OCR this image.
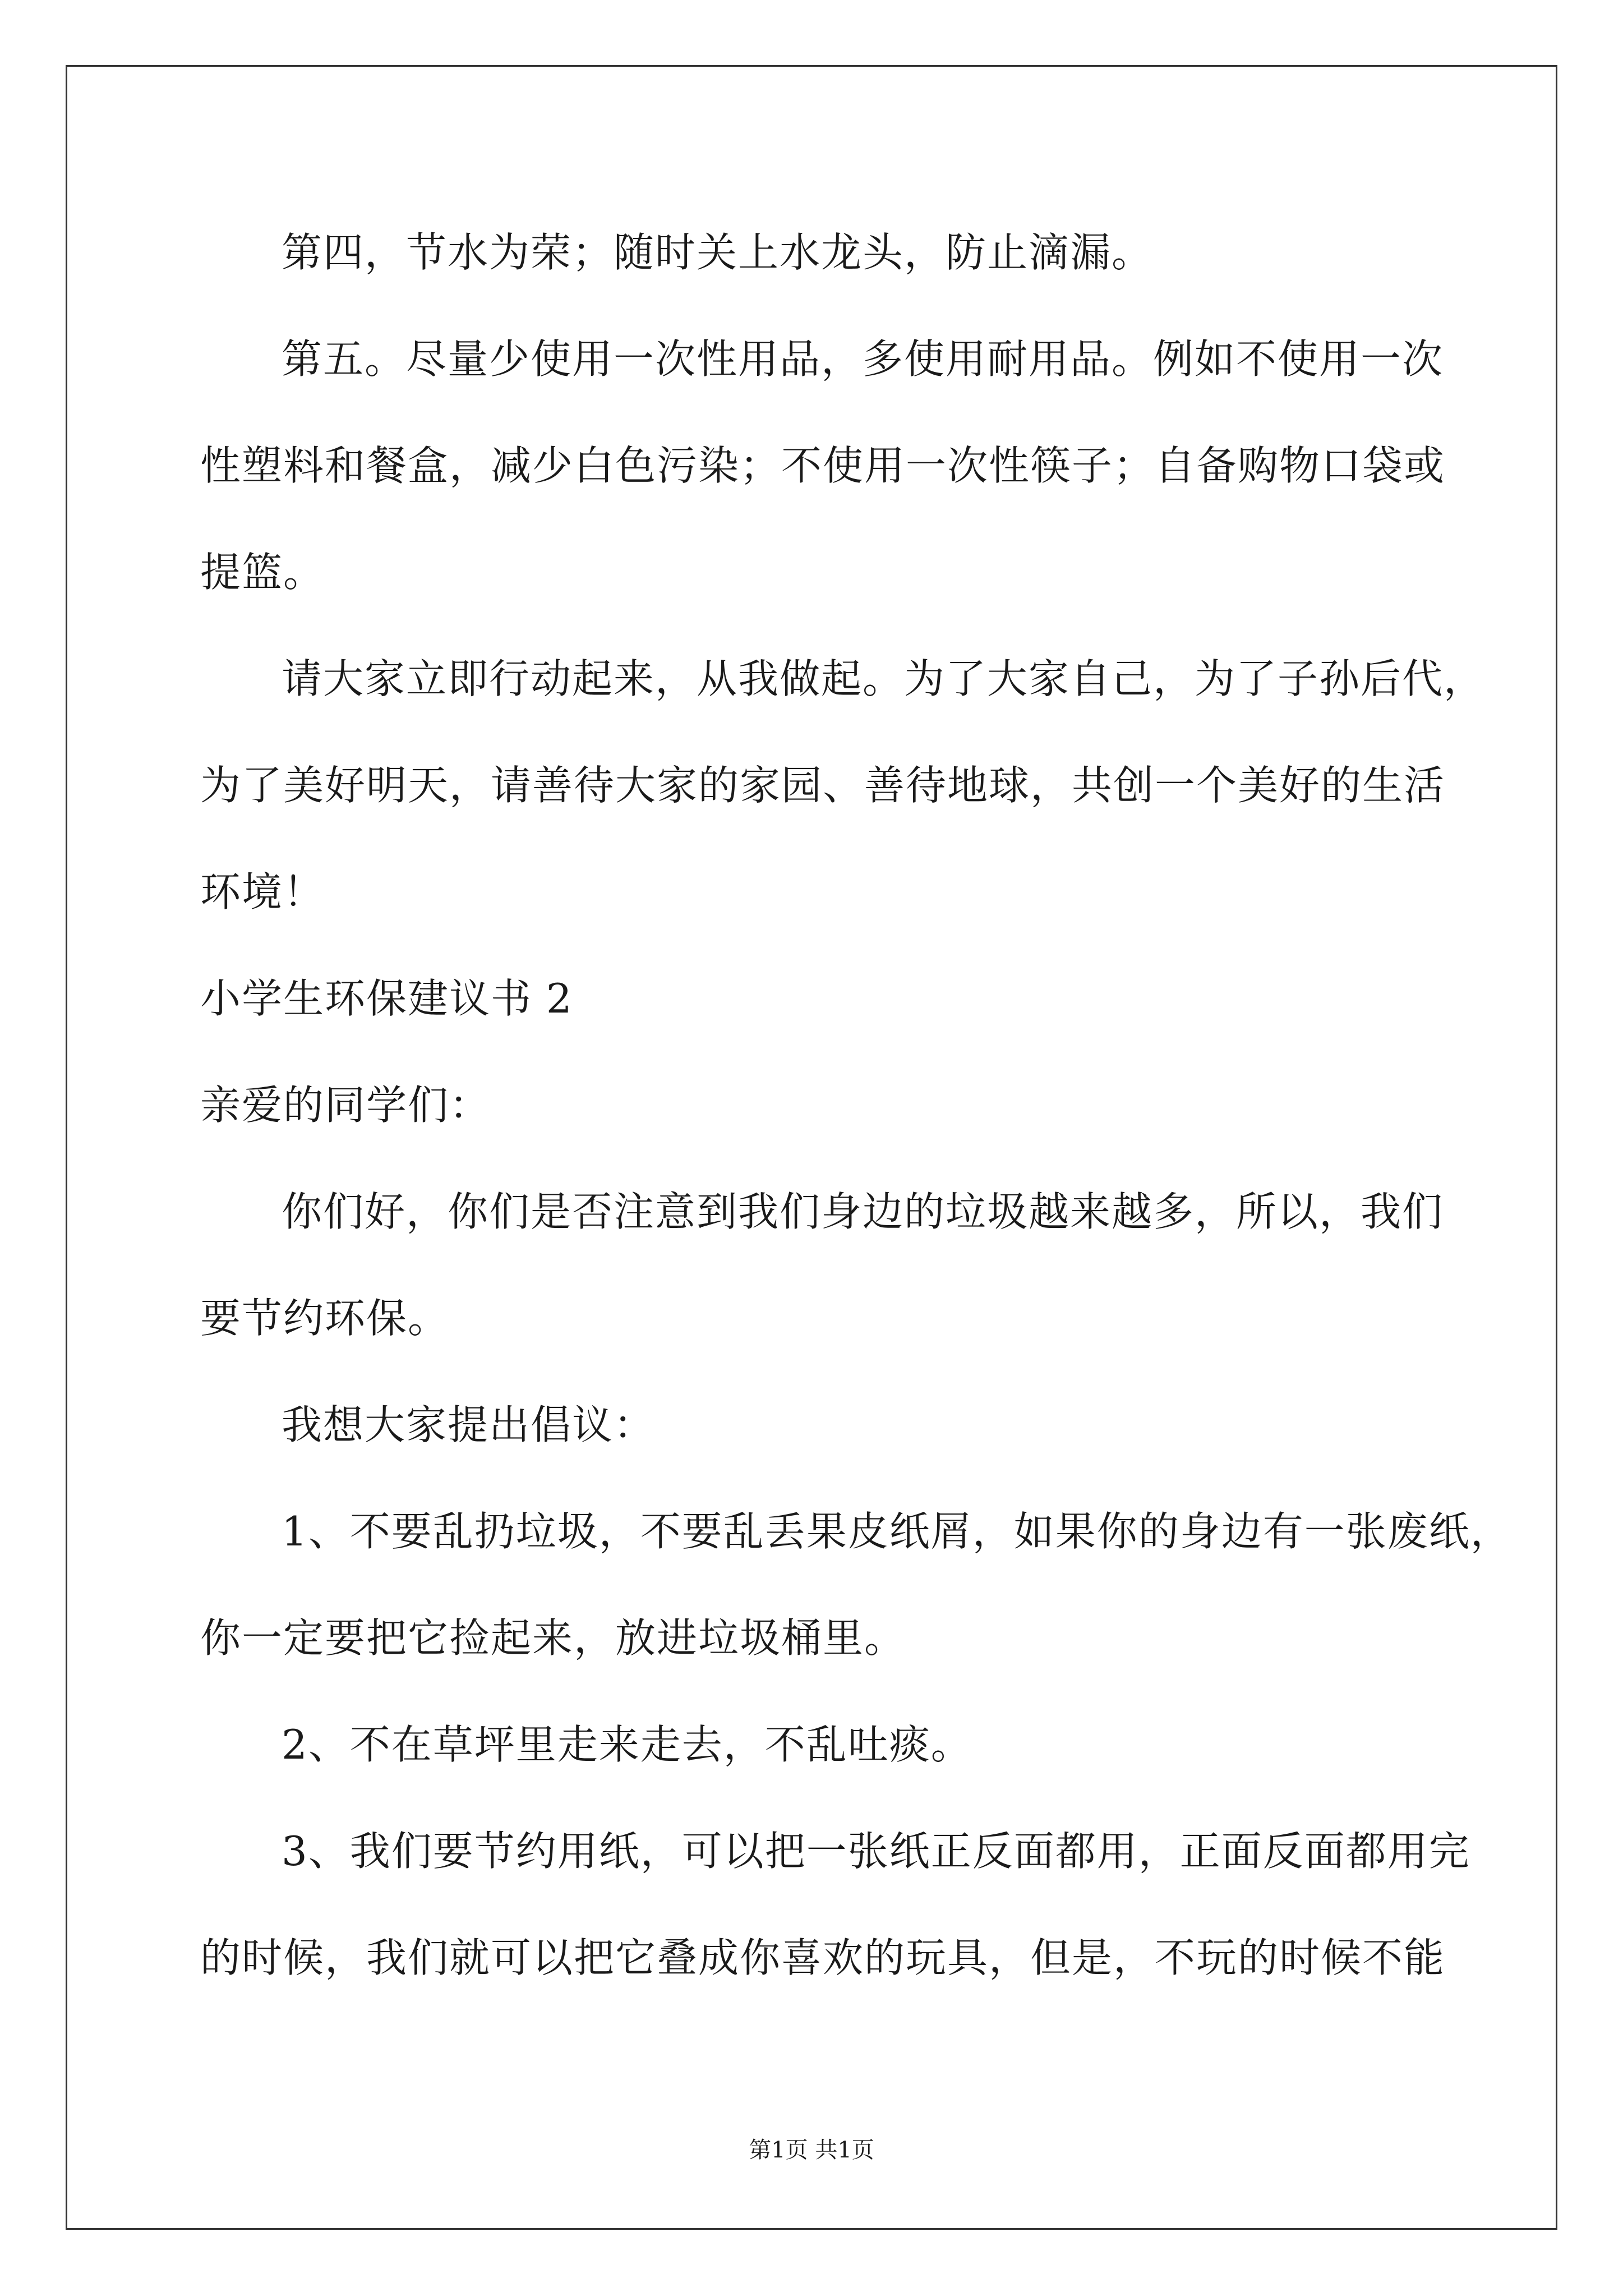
第四，节水为荣；随时关上水龙头，防止滴漏。
第五。尽量少使用一次性用品，多使用耐用品。例如不使用一次
性塑料和餐盒，减少白色污染；不使用一次性筷子；自备购物口袋或
提篮。
请大家立即行动起来，从我做起。为了大家自己，为了子孙后代，
为了美好明天，请善待大家的家园、善待地球，共创一个美好的生活
环境！
小学生环保建议书 2
亲爱的同学们：
你们好，你们是否注意到我们身边的垃圾越来越多，所以，我们
要节约环保。
我想大家提出倡议：
1、不要乱扔垃圾，不要乱丢果皮纸屑，如果你的身边有一张废纸，
你一定要把它捡起来，放进垃圾桶里。
2、不在草坪里走来走去，不乱吐痰。
3、我们要节约用纸，可以把一张纸正反面都用，正面反面都用完
的时候，我们就可以把它叠成你喜欢的玩具，但是，不玩的时候不能
第1页 共1页
